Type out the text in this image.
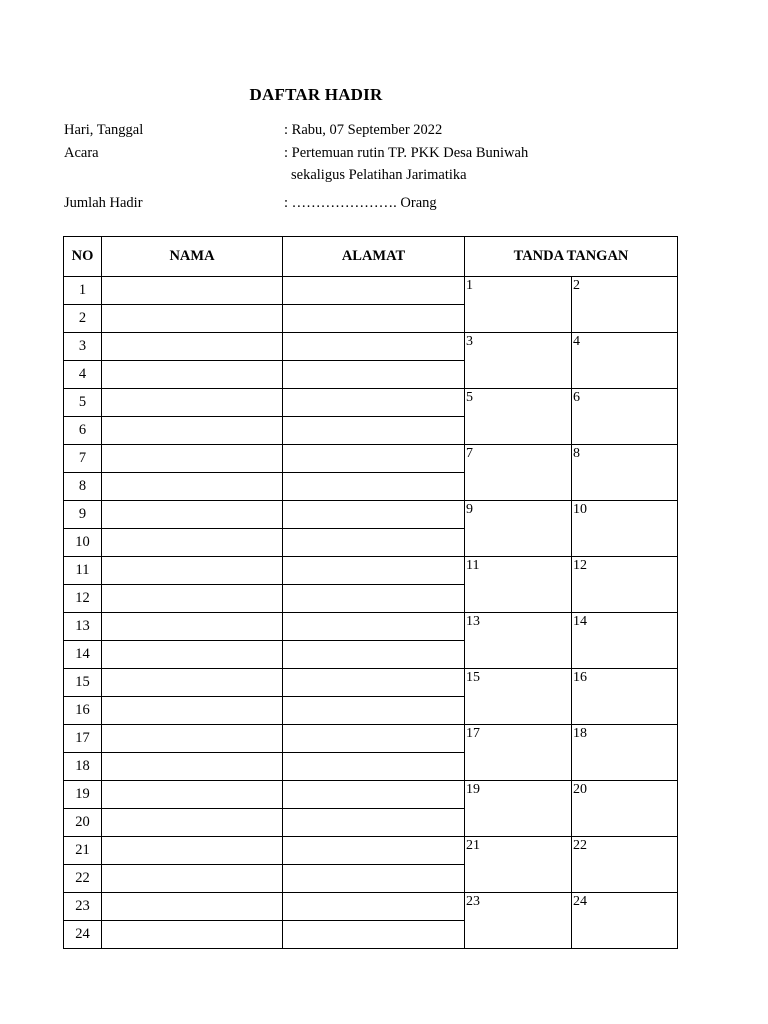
DAFTAR HADIR
Hari, Tanggal	: Rabu, 07 September 2022
Acara	: Pertemuan rutin TP. PKK Desa Buniwah
sekaligus Pelatihan Jarimatika
Jumlah Hadir	: …………………. Orang
NO	NAMA	ALAMAT	TANDA TANGAN	
1			1	2
2				
3			3	4
4				
5			5	6
6				
7			7	8
8				
9			9	10
10				
11			11	12
12				
13			13	14
14				
15			15	16
16				
17			17	18
18				
19			19	20
20				
21			21	22
22				
23			23	24
24				
